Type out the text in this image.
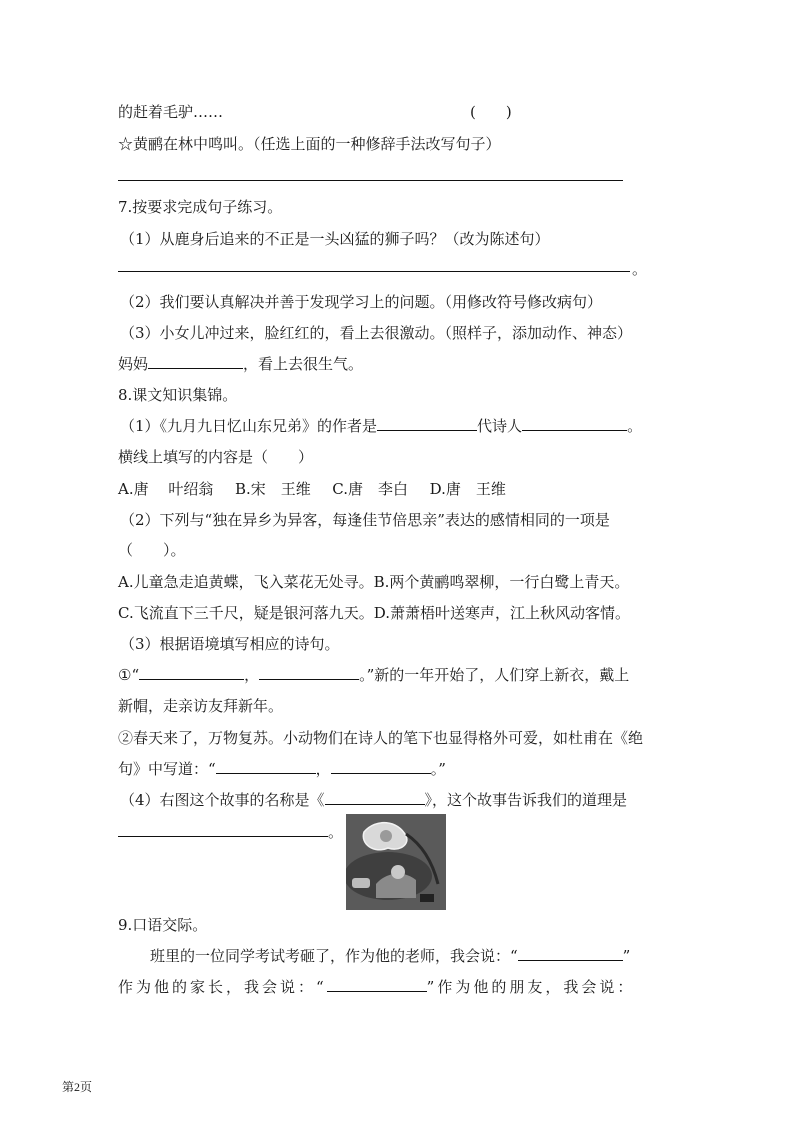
的赶着毛驴……	(　　)
☆黄鹂在林中鸣叫。（任选上面的一种修辞手法改写句子）
7.按要求完成句子练习。
（1）从鹿身后追来的不正是一头凶猛的狮子吗？（改为陈述句）
。
（2）我们要认真解决并善于发现学习上的问题。（用修改符号修改病句）
（3）小女儿冲过来，脸红红的，看上去很激动。（照样子，添加动作、神态）
妈妈	，看上去很生气。
8.课文知识集锦。
（1）《九月九日忆山东兄弟》的作者是	代诗人	。
横线上填写的内容是（　　）
A.唐　 叶绍翁 B.宋　王维 C.唐　李白 D.唐　王维
（2）下列与“独在异乡为异客，每逢佳节倍思亲”表达的感情相同的一项是
（　　）。
A.儿童急走追黄蝶，飞入菜花无处寻。B.两个黄鹂鸣翠柳，一行白鹭上青天。
C.飞流直下三千尺，疑是银河落九天。D.萧萧梧叶送寒声，江上秋风动客情。
（3）根据语境填写相应的诗句。
①“	，	。”新的一年开始了，人们穿上新衣，戴上
新帽，走亲访友拜新年。
②春天来了，万物复苏。小动物们在诗人的笔下也显得格外可爱，如杜甫在《绝
句》中写道：“	，	。”
（4）右图这个故事的名称是《	》，这个故事告诉我们的道理是
。
9.口语交际。
班里的一位同学考试考砸了，作为他的老师，我会说：“	”
作为他的家长，我会说：“	”作为他的朋友，我会说：
第2页
